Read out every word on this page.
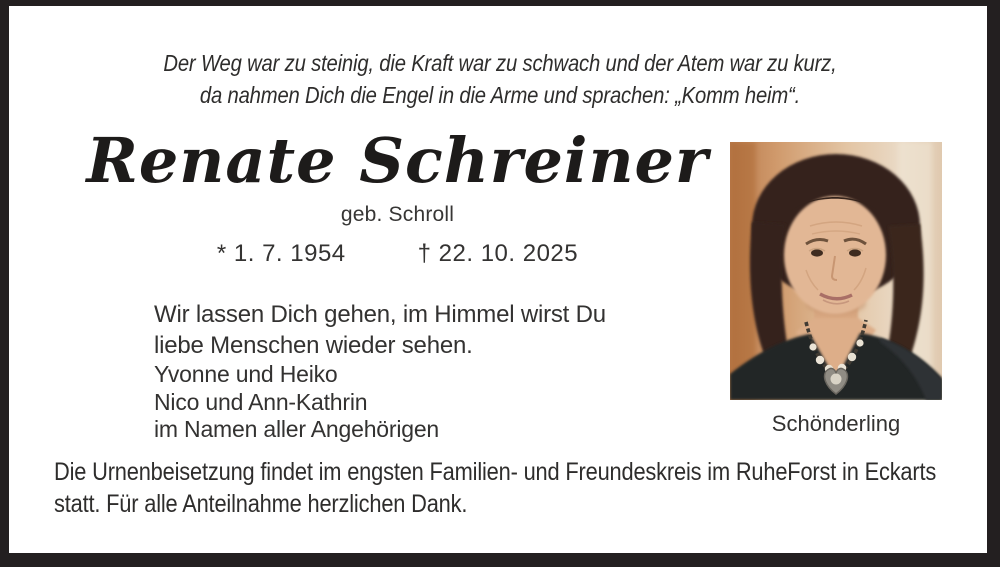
Der Weg war zu steinig, die Kraft war zu schwach und der Atem war zu kurz,
da nahmen Dich die Engel in die Arme und sprachen: „Komm heim“.
Renate Schreiner
geb. Schroll
* 1. 7. 1954	† 22. 10. 2025
Wir lassen Dich gehen, im Himmel wirst Du
liebe Menschen wieder sehen.
Yvonne und Heiko
Nico und Ann-Kathrin
im Namen aller Angehörigen	Schönderling
Die Urnenbeisetzung findet im engsten Familien- und Freundeskreis im RuheForst in Eckarts
statt. Für alle Anteilnahme herzlichen Dank.
